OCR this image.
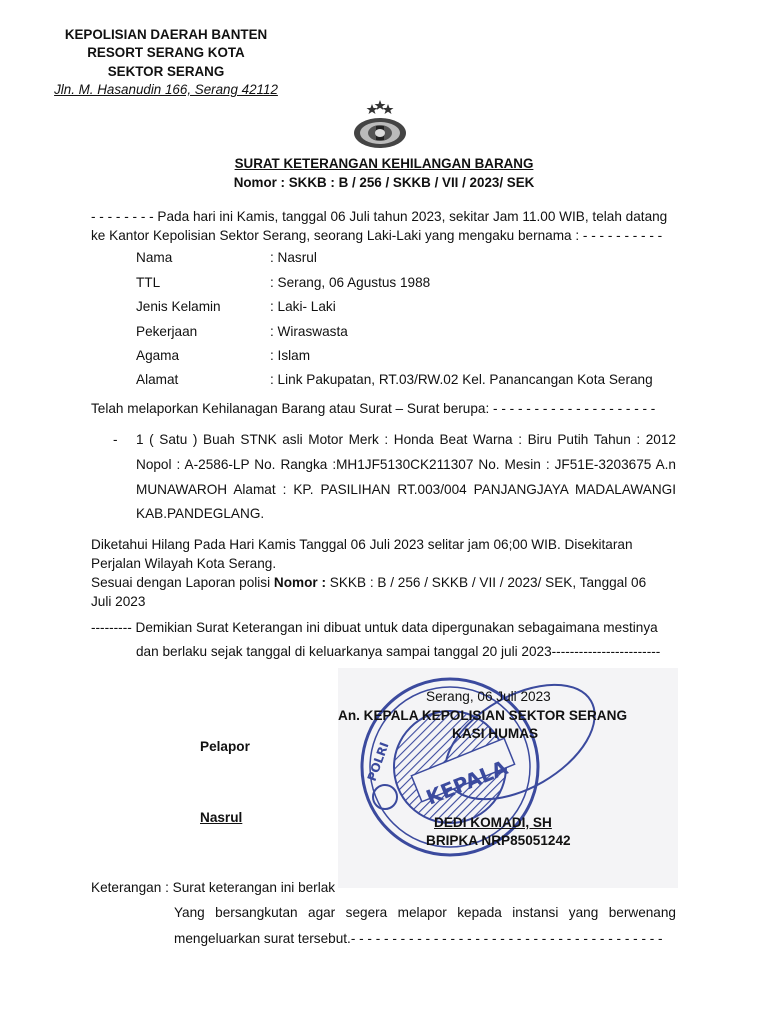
KEPOLISIAN DAERAH BANTEN
RESORT SERANG KOTA
SEKTOR SERANG
Jln. M. Hasanudin 166, Serang 42112
SURAT KETERANGAN KEHILANGAN BARANG
Nomor : SKKB : B / 256 / SKKB / VII / 2023/ SEK
- - - - - - - - Pada hari ini Kamis, tanggal 06 Juli tahun 2023, sekitar Jam 11.00 WIB, telah datang
ke Kantor Kepolisian Sektor Serang, seorang Laki-Laki yang mengaku bernama : - - - - - - - - - -
Nama	: Nasrul
TTL	: Serang, 06 Agustus 1988
Jenis Kelamin	: Laki- Laki
Pekerjaan	: Wiraswasta
Agama	: Islam
Alamat	: Link Pakupatan, RT.03/RW.02 Kel. Panancangan Kota Serang
Telah melaporkan Kehilanagan Barang atau Surat – Surat berupa: - - - - - - - - - - - - - - - - - - - -
- 1 ( Satu ) Buah STNK asli Motor Merk : Honda Beat Warna : Biru Putih Tahun : 2012
Nopol : A-2586-LP No. Rangka :MH1JF5130CK211307 No. Mesin : JF51E-3203675 A.n
MUNAWAROH Alamat : KP. PASILIHAN RT.003/004 PANJANGJAYA MADALAWANGI
KAB.PANDEGLANG.
Diketahui Hilang Pada Hari Kamis Tanggal 06 Juli 2023 selitar jam 06;00 WIB. Disekitaran
Perjalan Wilayah Kota Serang.
Sesuai dengan Laporan polisi Nomor : SKKB : B / 256 / SKKB / VII / 2023/ SEK, Tanggal 06
Juli 2023
--------- Demikian Surat Keterangan ini dibuat untuk data dipergunakan sebagaimana mestinya
dan berlaku sejak tanggal di keluarkanya sampai tanggal 20 juli 2023------------------------
POLRI KEPALA
Serang, 06 Juli 2023
An. KEPALA KEPOLISIAN SEKTOR SERANG
KASI HUMAS
Pelapor
Nasrul	DEDI KOMADI, SH
BRIPKA NRP85051242
Keterangan : Surat keterangan ini berlak
Yang bersangkutan agar segera melapor kepada instansi yang berwenang
mengeluarkan surat tersebut.- - - - - - - - - - - - - - - - - - - - - - - - - - - - - - - - - - - - - -
